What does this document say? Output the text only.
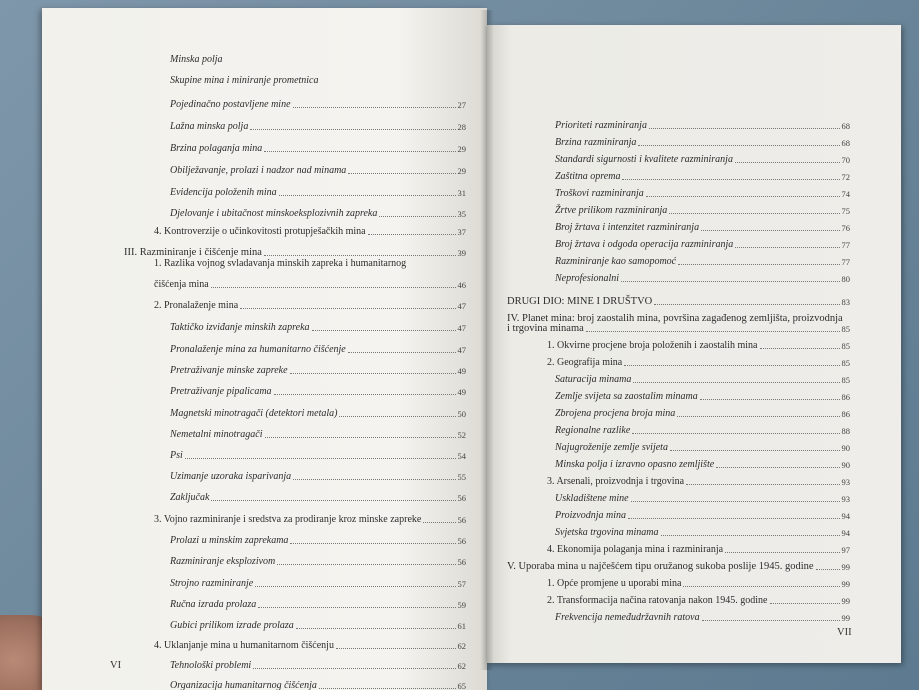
Minska polja
Skupine mina i miniranje prometnica
Pojedinačno postavljene mine	27
Lažna minska polja	28
Brzina polaganja mina	29
Obilježavanje, prolazi i nadzor nad minama	29
Evidencija položenih mina	31
Djelovanje i ubitačnost minskoeksplozivnih zapreka	35
4. Kontroverzije o učinkovitosti protupješačkih mina	37
III. Razminiranje i čišćenje mina	39
1. Razlika vojnog svladavanja minskih zapreka i humanitarnog
čišćenja mina	46
2. Pronalaženje mina	47
Taktičko izviđanje minskih zapreka	47
Pronalaženje mina za humanitarno čišćenje	47
Pretraživanje minske zapreke	49
Pretraživanje pipalicama	49
Magnetski minotragači (detektori metala)	50
Nemetalni minotragači	52
Psi	54
Uzimanje uzoraka isparivanja	55
Zaključak	56
3. Vojno razminiranje i sredstva za prodiranje kroz minske zapreke	56
Prolazi u minskim zaprekama	56
Razminiranje eksplozivom	56
Strojno razminiranje	57
Ručna izrada prolaza	59
Gubici prilikom izrade prolaza	61
4. Uklanjanje mina u humanitarnom čišćenju	62
Tehnološki problemi	62
Organizacija humanitarnog čišćenja	65
VI
Prioriteti razminiranja	68
Brzina razminiranja	68
Standardi sigurnosti i kvalitete razminiranja	70
Zaštitna oprema	72
Troškovi razminiranja	74
Žrtve prilikom razminiranja	75
Broj žrtava i intenzitet razminiranja	76
Broj žrtava i odgoda operacija razminiranja	77
Razminiranje kao samopomoć	77
Neprofesionalni	80
DRUGI DIO: MINE I DRUŠTVO	83
IV. Planet mina: broj zaostalih mina, površina zagađenog zemljišta, proizvodnja
i trgovina minama	85
1. Okvirne procjene broja položenih i zaostalih mina	85
2. Geografija mina	85
Saturacija minama	85
Zemlje svijeta sa zaostalim minama	86
Zbrojena procjena broja mina	86
Regionalne razlike	88
Najugroženije zemlje svijeta	90
Minska polja i izravno opasno zemljište	90
3. Arsenali, proizvodnja i trgovina	93
Uskladištene mine	93
Proizvodnja mina	94
Svjetska trgovina minama	94
4. Ekonomija polaganja mina i razminiranja	97
V. Uporaba mina u najčešćem tipu oružanog sukoba poslije 1945. godine	99
1. Opće promjene u uporabi mina	99
2. Transformacija načina ratovanja nakon 1945. godine	99
Frekvencija nemeđudržavnih ratova	99
VII
